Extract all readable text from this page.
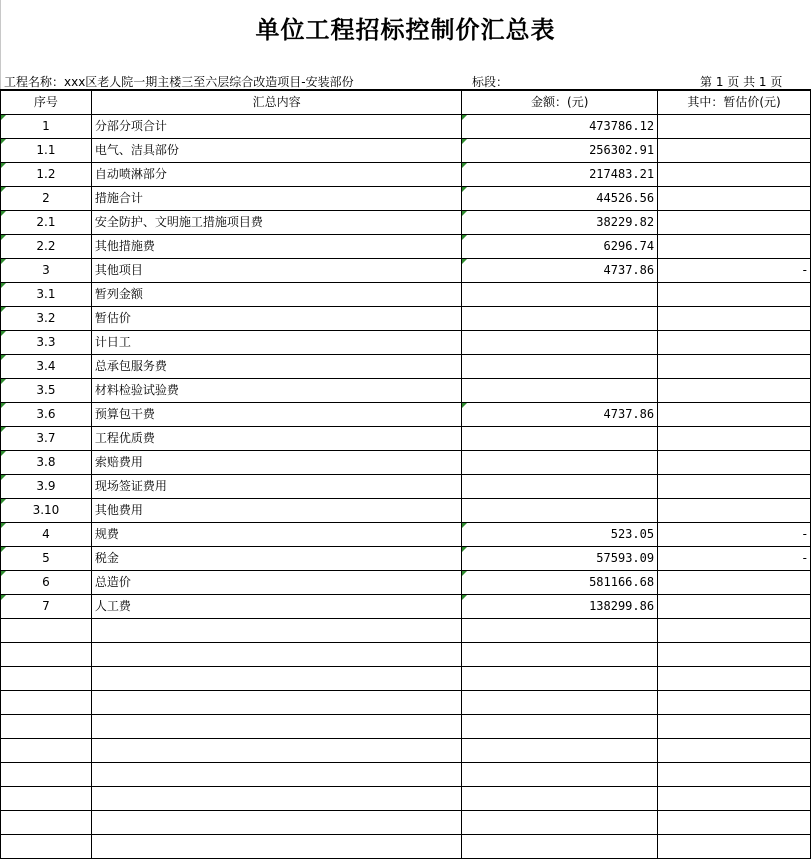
单位工程招标控制价汇总表
工程名称：xxx区老人院一期主楼三至六层综合改造项目-安装部份	标段：	第 1 页 共 1 页
序号	汇总内容	金额：(元)	其中：暂估价(元)
1	分部分项合计	473786.12	
1.1	电气、洁具部份	256302.91	
1.2	自动喷淋部分	217483.21	
2	措施合计	44526.56	
2.1	安全防护、文明施工措施项目费	38229.82	
2.2	其他措施费	6296.74	
3	其他项目	4737.86	-
3.1	暂列金额		
3.2	暂估价		
3.3	计日工		
3.4	总承包服务费		
3.5	材料检验试验费		
3.6	预算包干费	4737.86	
3.7	工程优质费		
3.8	索赔费用		
3.9	现场签证费用		
3.10	其他费用		
4	规费	523.05	-
5	税金	57593.09	-
6	总造价	581166.68	
7	人工费	138299.86	
